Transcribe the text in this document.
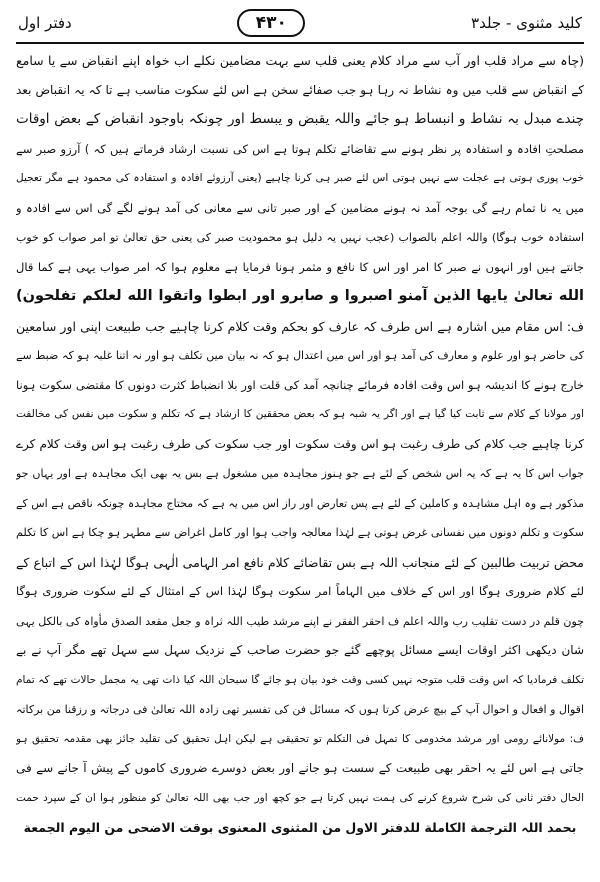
دفتر اول	۴۳۰	کلید مثنوی - جلد۳
(چاہ سے مراد قلب اور آب سے مراد کلام یعنی قلب سے بہت مضامین نکلے اب خواہ اپنے انقباض سے یا سامع
کے انقباض سے قلب میں وہ نشاط نہ رہا ہو جب صفائے سخن ہے اس لئے سکوت مناسب ہے تا کہ یہ انقباض بعد
چندے مبدل بہ نشاط و انبساط ہو جائے واللہ یقبض و یبسط اور چونکہ باوجود انقباض کے بعض اوقات
مصلحتِ افادہ و استفادہ پر نظر ہونے سے تقاضائے تکلم ہوتا ہے اس کی نسبت ارشاد فرماتے ہیں کہ ) آرزو صبر سے
خوب پوری ہوتی ہے عجلت سے نہیں ہوتی اس لئے صبر ہی کرنا چاہیے (یعنی آرزوئے افادہ و استفادہ کی محمود ہے مگر تعجیل
میں یہ نا تمام رہے گی بوجہ آمد نہ ہونے مضامین کے اور صبر تانی سے معانی کی آمد ہونے لگے گی اس سے افادہ و
استفادہ خوب ہوگا) واللہ اعلم بالصواب (عجب نہیں یہ دلیل ہو محمودیت صبر کی یعنی حق تعالیٰ تو امر صواب کو خوب
جانتے ہیں اور انہوں نے صبر کا امر اور اس کا نافع و مثمر ہونا فرمایا ہے معلوم ہوا کہ امر صواب یہی ہے کما قال
الله تعالىٰ يايها الذين آمنو اصبروا و صابرو اور ابطوا واتقوا الله لعلكم تفلحون)
ف: اس مقام میں اشارہ ہے اس طرف کہ عارف کو بحکم وقت کلام کرنا چاہیے جب طبیعت اپنی اور سامعین
کی حاضر ہو اور علوم و معارف کی آمد ہو اور اس میں اعتدال ہو کہ نہ بیان میں تکلف ہو اور نہ اتنا غلبہ ہو کہ ضبط سے
خارج ہونے کا اندیشہ ہو اس وقت افادہ فرمائے چنانچہ آمد کی قلت اور بلا انضباط کثرت دونوں کا مقتضی سکوت ہونا
اور مولانا کے کلام سے ثابت کیا گیا ہے اور اگر یہ شبہ ہو کہ بعض محققین کا ارشاد ہے کہ تکلم و سکوت میں نفس کی مخالفت
کرنا چاہیے جب کلام کی طرف رغبت ہو اس وقت سکوت اور جب سکوت کی طرف رغبت ہو اس وقت کلام کرے
جواب اس کا یہ ہے کہ یہ اس شخص کے لئے ہے جو ہنوز مجاہدہ میں مشغول ہے بس یہ بھی ایک مجاہدہ ہے اور یہاں جو
مذکور ہے وہ اہل مشاہدہ و کاملین کے لئے ہے پس تعارض اور راز اس میں یہ ہے کہ محتاج مجاہدہ چونکہ ناقص ہے اس کے
سکوت و تکلم دونوں میں نفسانی غرض ہوتی ہے لہٰذا معالجہ واجب ہوا اور کامل اغراض سے مطہر ہو چکا ہے اس کا تکلم
محض تربیت طالبین کے لئے منجانب اللہ ہے بس تقاضائے کلام نافع امر الہامی الٰہی ہوگا لہٰذا اس کے اتباع کے
لئے کلام ضروری ہوگا اور اس کے خلاف میں الہاماً امر سکوت ہوگا لہٰذا اس کے امتثال کے لئے سکوت ضروری ہوگا
چون قلم در دست تقلیب رب واللہ اعلم ف احقر الفقر نے اپنے مرشد طیب اللہ ثراہ و جعل مقعد الصدق مأواہ کی بالکل یہی
شان دیکھی اکثر اوقات ایسے مسائل پوچھے گئے جو حضرت صاحب کے نزدیک سہل سے سہل تھے مگر آپ نے بے
تکلف فرمادیا کہ اس وقت قلب متوجہ نہیں کسی وقت خود بیان ہو جائے گا سبحان اللہ کیا ذات تھی یہ مجمل حالات تھے کہ تمام
اقوال و افعال و احوال آپ کے بیچ عرض کرتا ہوں کہ مسائل فن کی تفسیر تھی زادہ اللہ تعالیٰ فی درجاتہ و رزقنا من برکاتہ
ف: مولانائے رومی اور مرشد مخدومی کا تمہل فی التکلم تو تحقیقی ہے لیکن اہل تحقیق کی تقلید جائز بھی مقدمہ تحقیق ہو
جاتی ہے اس لئے یہ احقر بھی طبیعت کے سست ہو جانے اور بعض دوسرے ضروری کاموں کے پیش آ جانے سے فی
الحال دفتر ثانی کی شرح شروع کرنے کی ہمت نہیں کرتا ہے جو کچھ اور جب بھی اللہ تعالیٰ کو منظور ہوا ان کے سپرد حمت
بحمد اللہ الترجمة الكاملة للدفتر الاول من المثنوى المعنوى بوقت الاضحى من اليوم الجمعة
